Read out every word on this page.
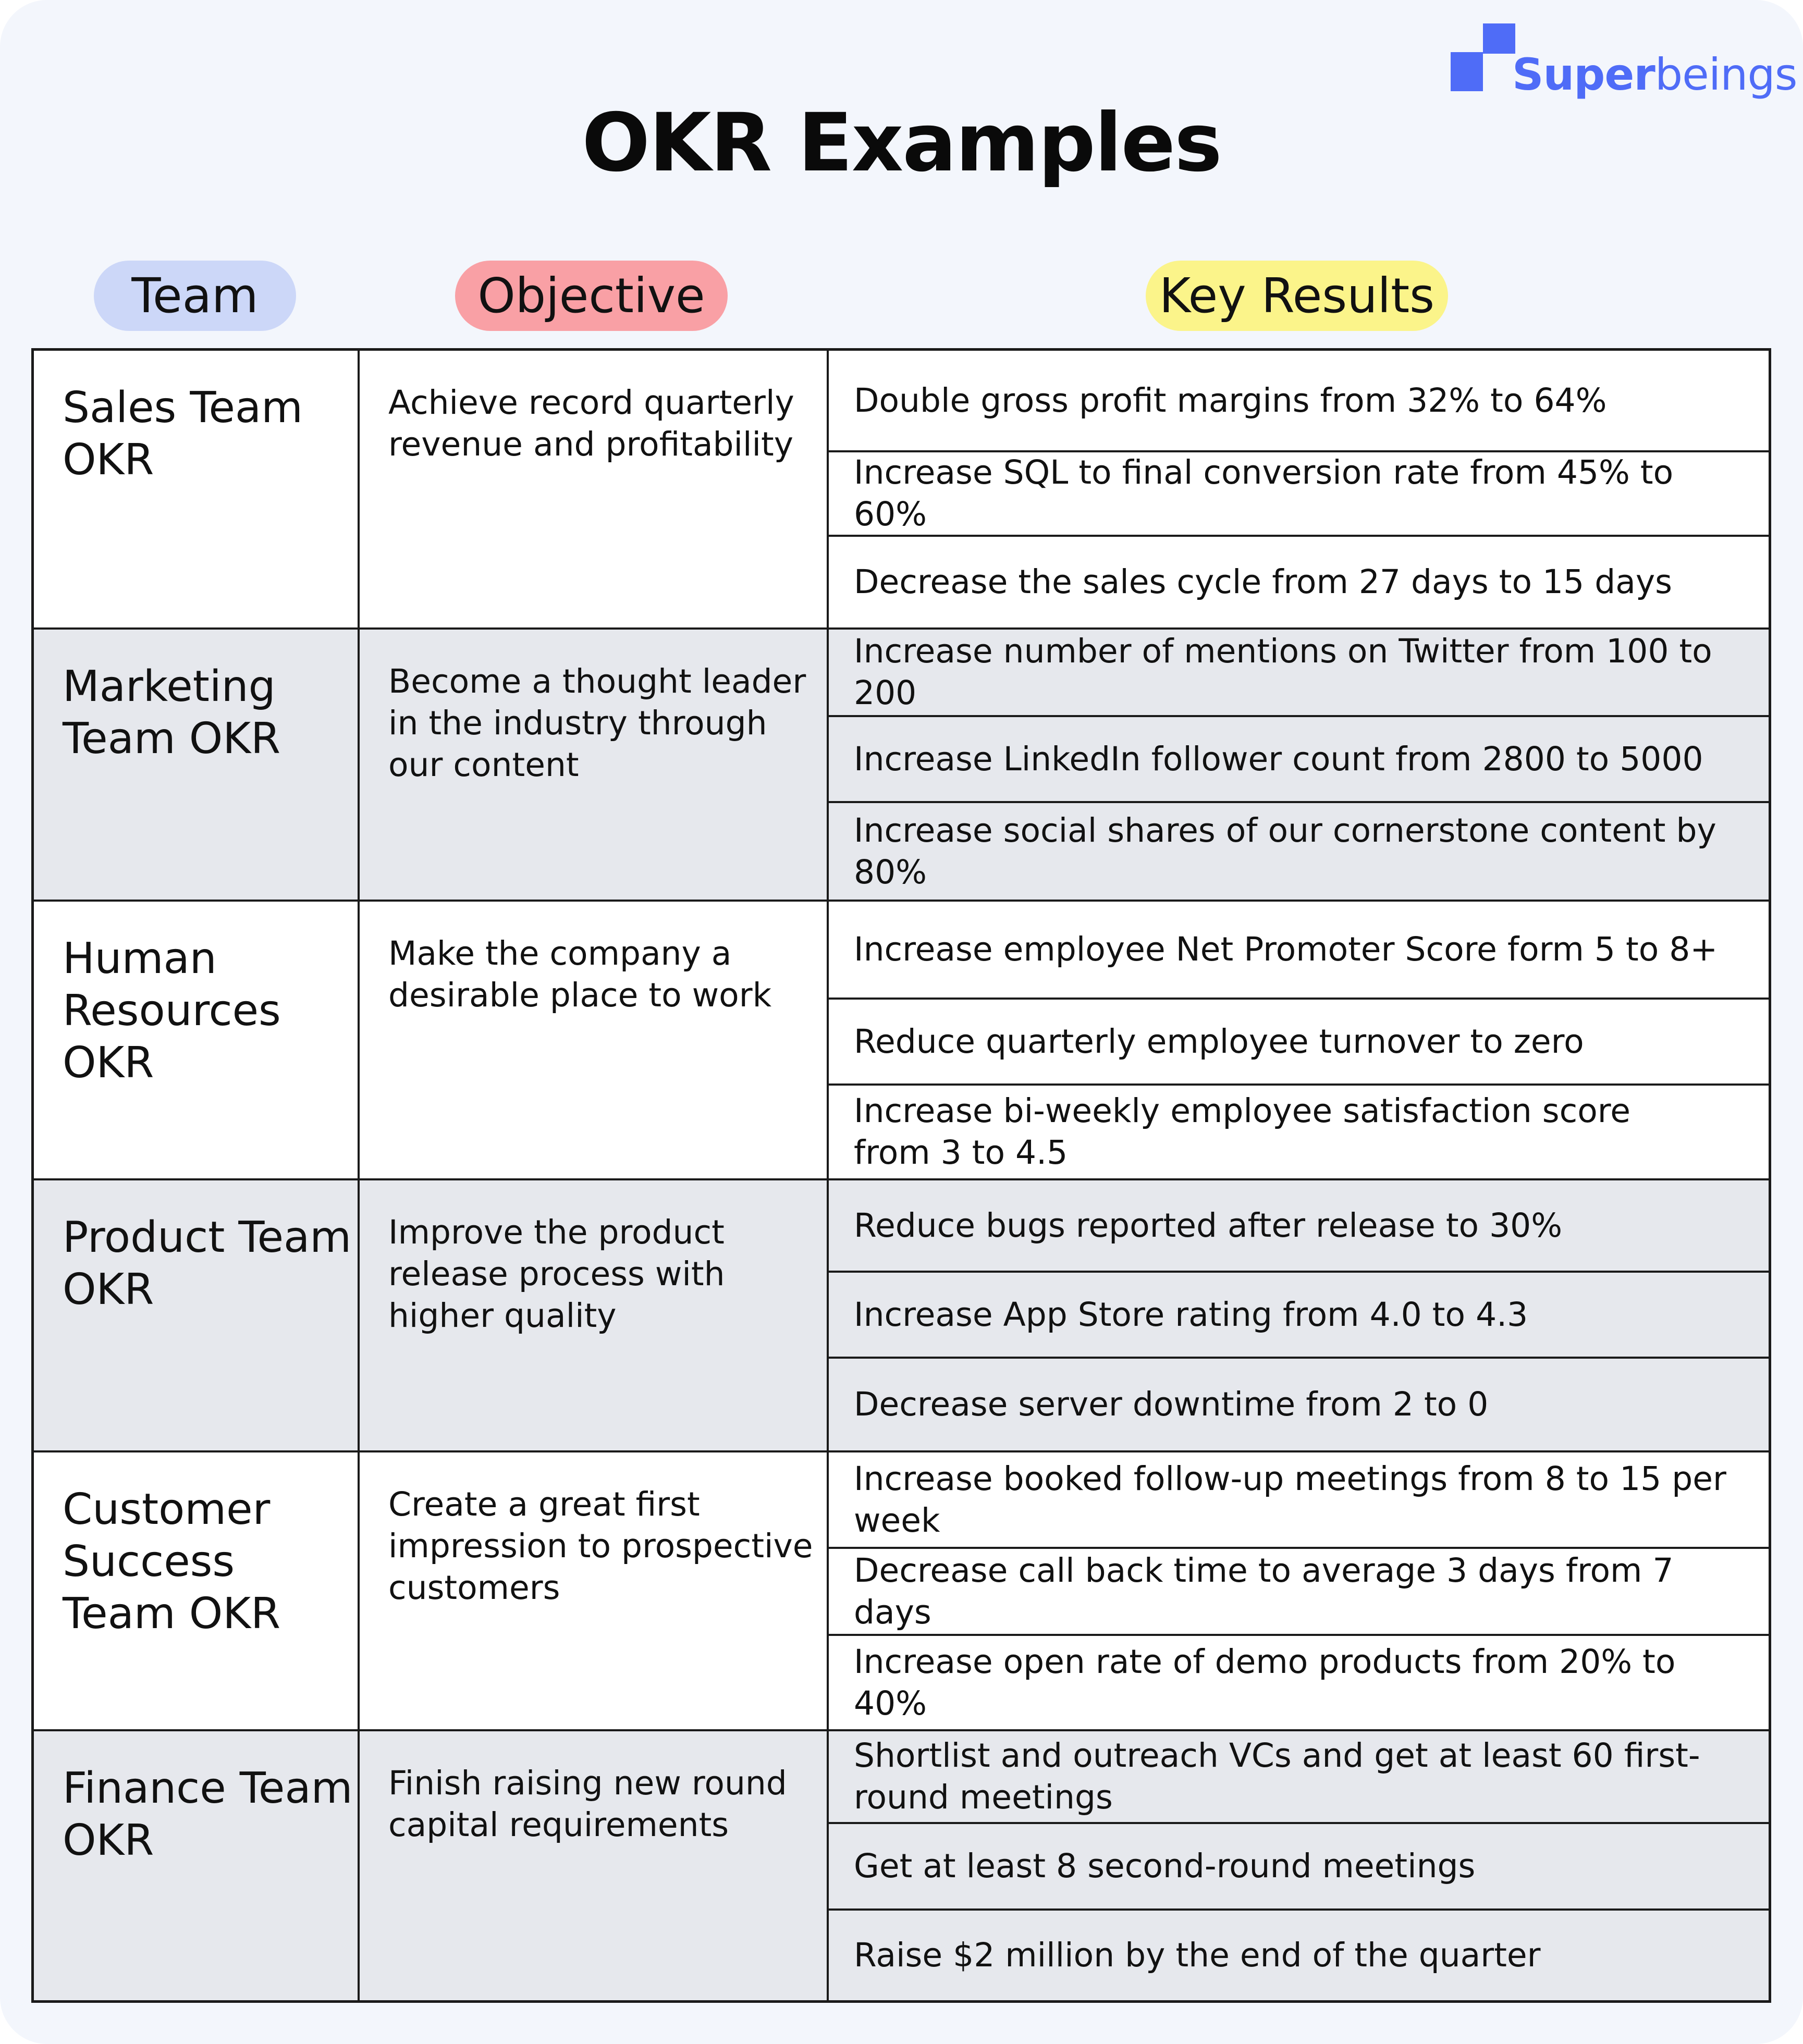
Superbeings
OKR Examples
Team	Objective	Key Results
Sales Team OKR
Achieve record quarterly revenue and profitability
Double gross profit margins from 32% to 64%
Increase SQL to final conversion rate from 45% to 60%
Decrease the sales cycle from 27 days to 15 days
Marketing Team OKR
Become a thought leader in the industry through our content
Increase number of mentions on Twitter from 100 to 200
Increase LinkedIn follower count from 2800 to 5000
Increase social shares of our cornerstone content by 80%
Human Resources OKR
Make the company a desirable place to work
Increase employee Net Promoter Score form 5 to 8+
Reduce quarterly employee turnover to zero
Increase bi-weekly employee satisfaction score from 3 to 4.5
Product Team OKR
Improve the product release process with higher quality
Reduce bugs reported after release to 30%
Increase App Store rating from 4.0 to 4.3
Decrease server downtime from 2 to 0
Customer Success Team OKR
Create a great first impression to prospective customers
Increase booked follow-up meetings from 8 to 15 per week
Decrease call back time to average 3 days from 7 days
Increase open rate of demo products from 20% to 40%
Finance Team OKR
Finish raising new round capital requirements
Shortlist and outreach VCs and get at least 60 first-round meetings
Get at least 8 second-round meetings
Raise $2 million by the end of the quarter
